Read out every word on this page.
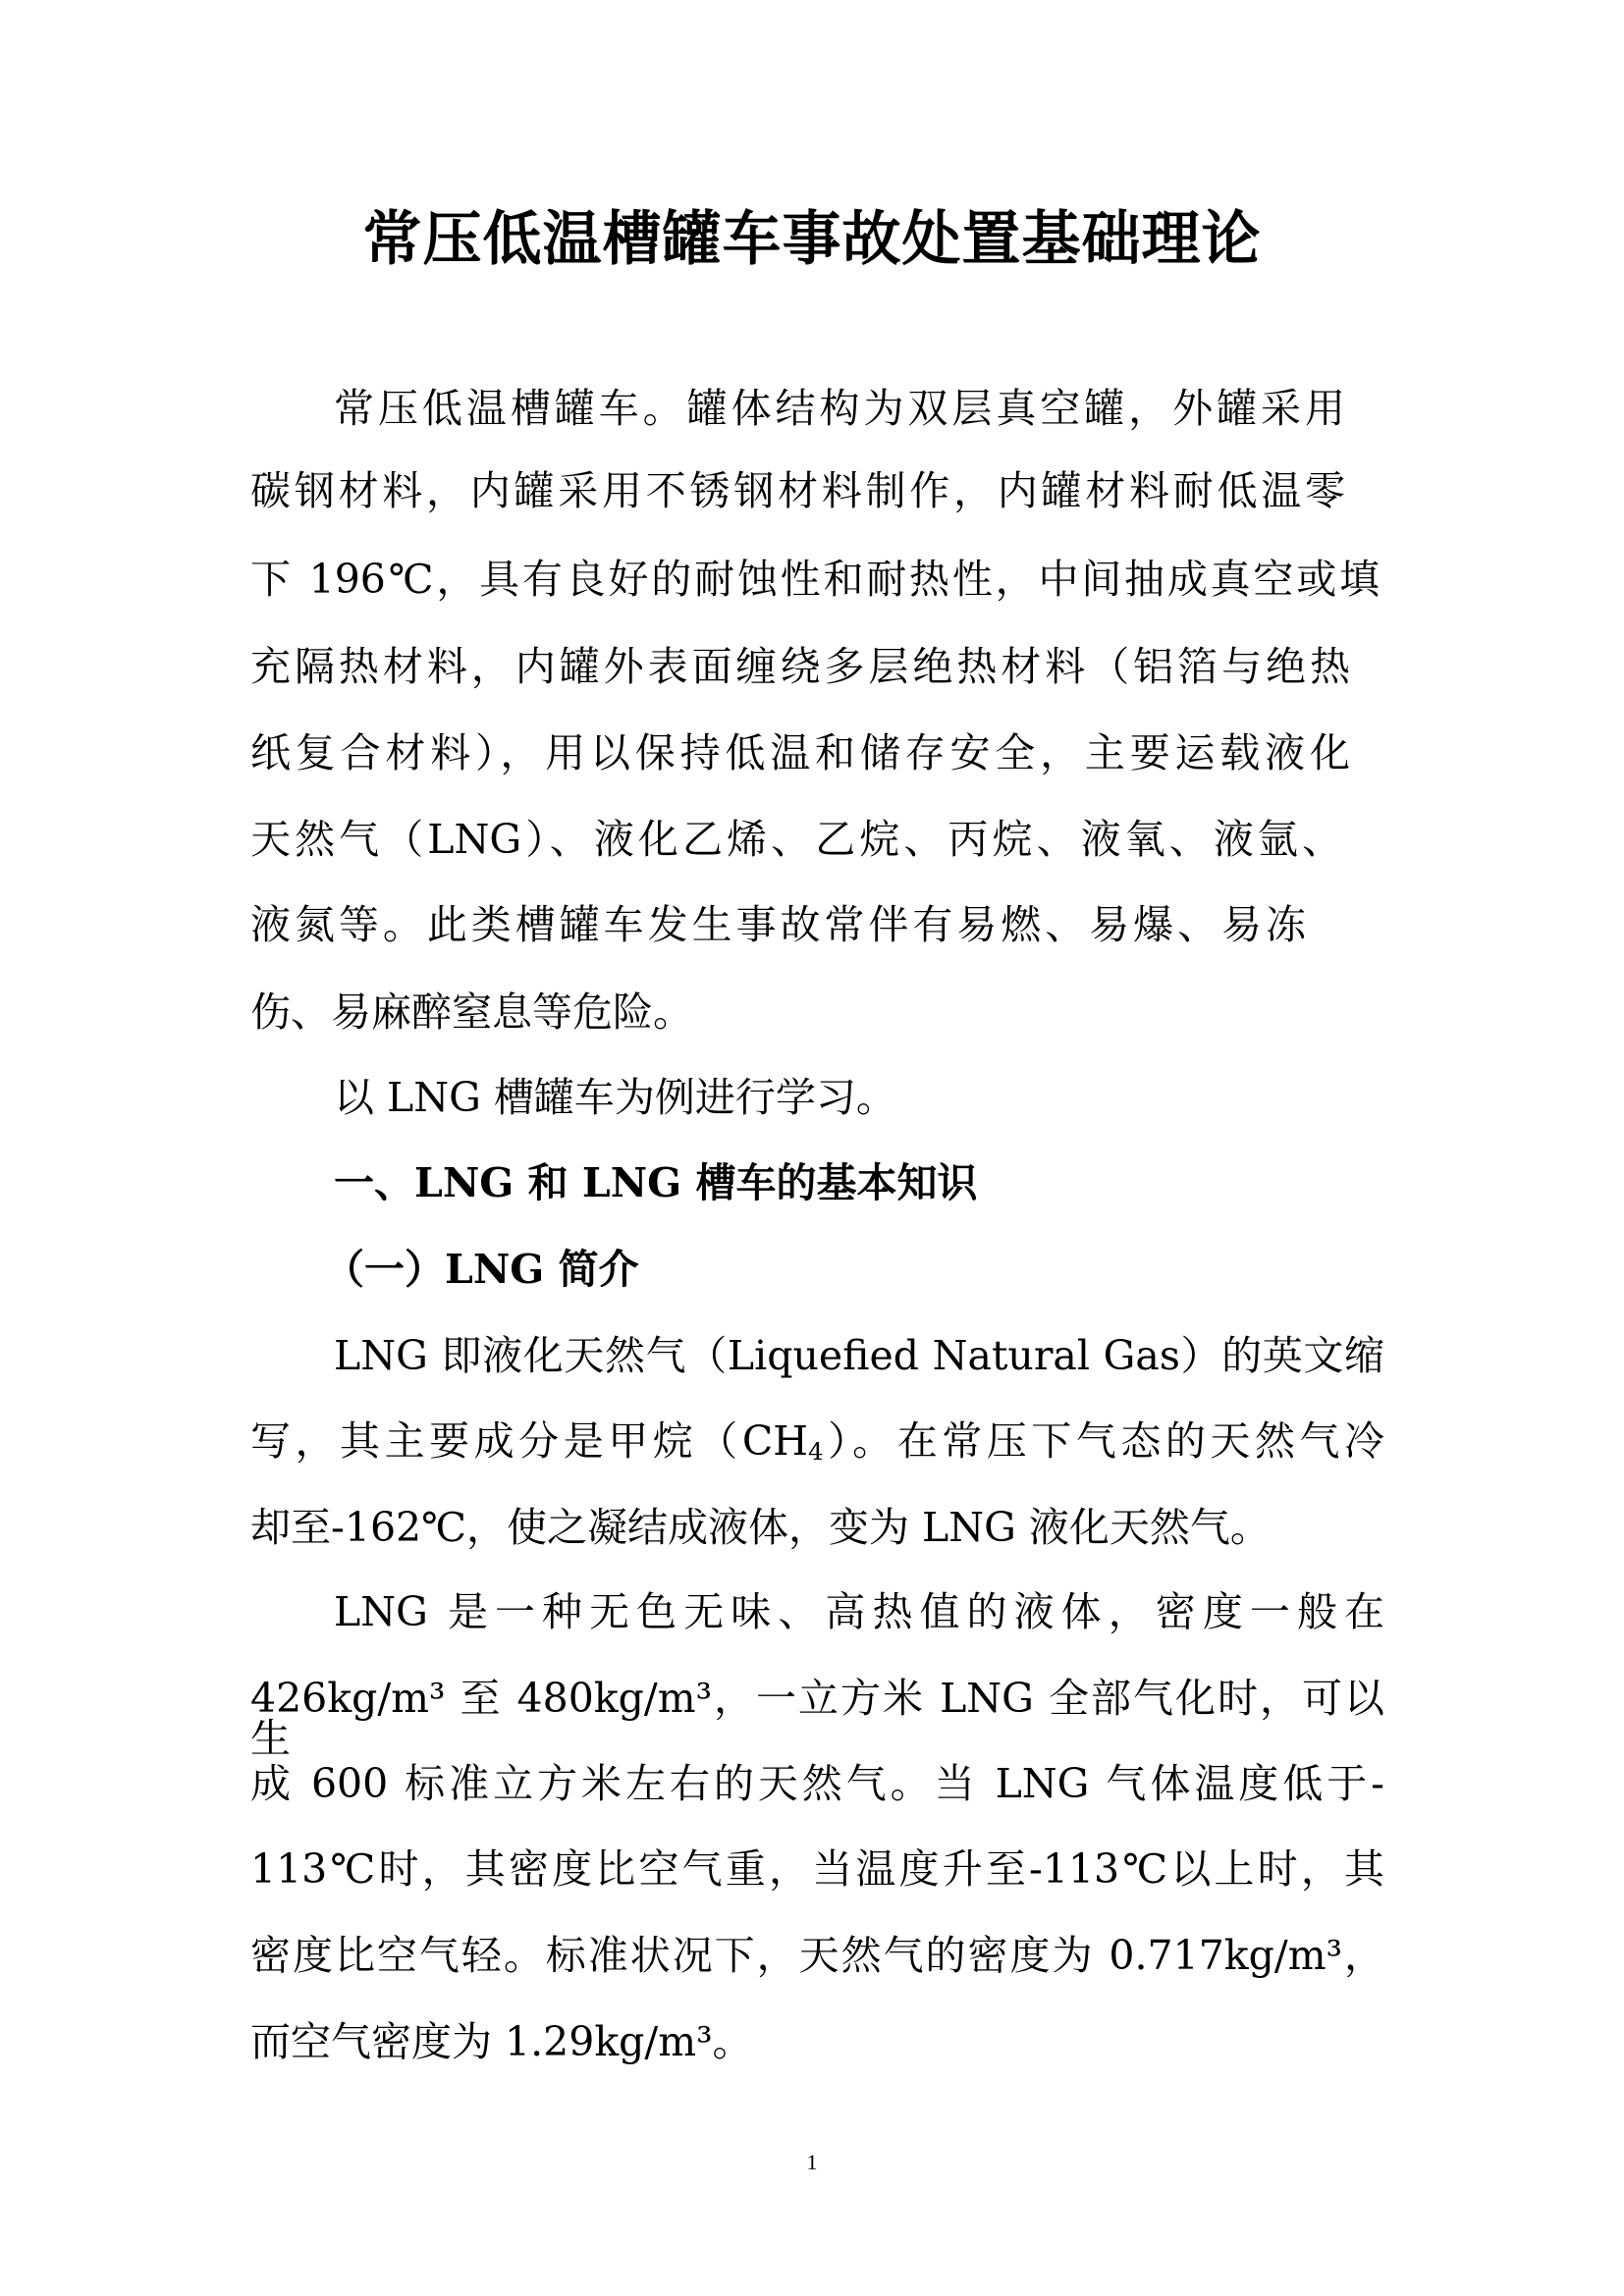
常压低温槽罐车事故处置基础理论

常压低温槽罐车。罐体结构为双层真空罐，外罐采用

碳钢材料，内罐采用不锈钢材料制作，内罐材料耐低温零

下 196℃，具有良好的耐蚀性和耐热性，中间抽成真空或填

充隔热材料，内罐外表面缠绕多层绝热材料（铝箔与绝热

纸复合材料），用以保持低温和储存安全，主要运载液化

天然气（LNG）、液化乙烯、乙烷、丙烷、液氧、液氩、

液氮等。此类槽罐车发生事故常伴有易燃、易爆、易冻

伤、易麻醉窒息等危险。

以 LNG 槽罐车为例进行学习。

一、LNG 和 LNG 槽车的基本知识

（一）LNG 简介

LNG 即液化天然气（Liquefied Natural Gas）的英文缩

写，其主要成分是甲烷$(CH_4)$。在常压下气态的天然气冷

却至-162℃，使之凝结成液体，变为 LNG 液化天然气。

LNG 是一种无色无味、高热值的液体，密度一般在

426kg/m³ 至 480kg/m³，一立方米 LNG 全部气化时，可以生

成 600 标准立方米左右的天然气。当 LNG 气体温度低于-

113℃时，其密度比空气重，当温度升至-113℃以上时，其

密度比空气轻。标准状况下，天然气的密度为 0.717kg/m³，

而空气密度为 1.29kg/m³。

1
